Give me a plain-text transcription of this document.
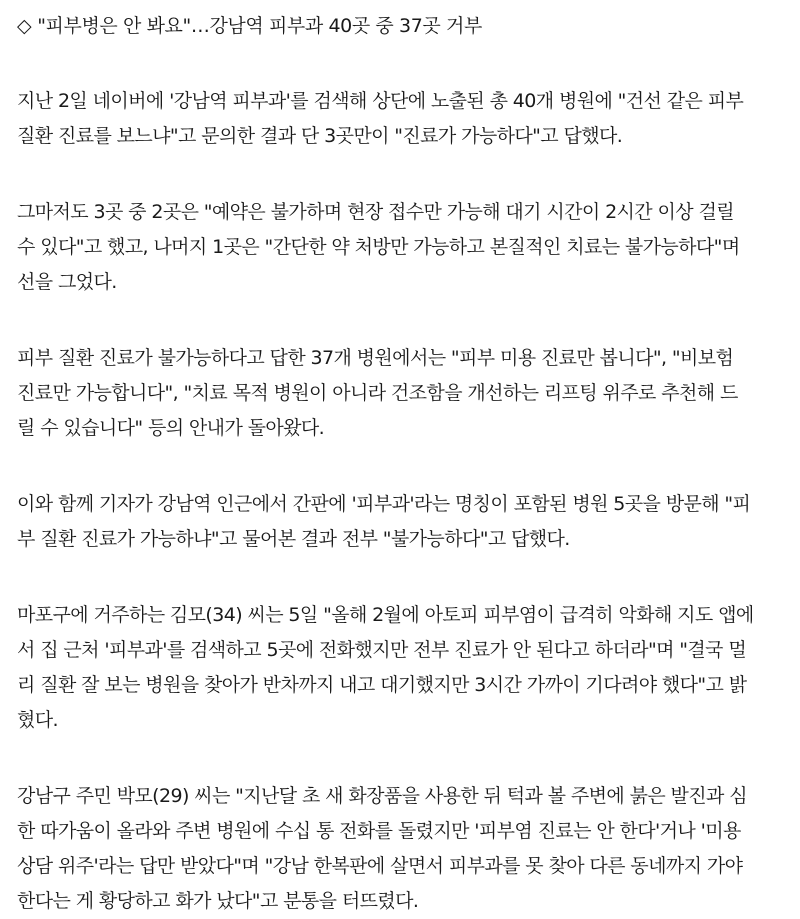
◇ "피부병은 안 봐요"…강남역 피부과 40곳 중 37곳 거부

지난 2일 네이버에 '강남역 피부과'를 검색해 상단에 노출된 총 40개 병원에 "건선 같은 피부
질환 진료를 보느냐"고 문의한 결과 단 3곳만이 "진료가 가능하다"고 답했다.

그마저도 3곳 중 2곳은 "예약은 불가하며 현장 접수만 가능해 대기 시간이 2시간 이상 걸릴
수 있다"고 했고, 나머지 1곳은 "간단한 약 처방만 가능하고 본질적인 치료는 불가능하다"며
선을 그었다.

피부 질환 진료가 불가능하다고 답한 37개 병원에서는 "피부 미용 진료만 봅니다", "비보험
진료만 가능합니다", "치료 목적 병원이 아니라 건조함을 개선하는 리프팅 위주로 추천해 드
릴 수 있습니다" 등의 안내가 돌아왔다.

이와 함께 기자가 강남역 인근에서 간판에 '피부과'라는 명칭이 포함된 병원 5곳을 방문해 "피
부 질환 진료가 가능하냐"고 물어본 결과 전부 "불가능하다"고 답했다.

마포구에 거주하는 김모(34) 씨는 5일 "올해 2월에 아토피 피부염이 급격히 악화해 지도 앱에
서 집 근처 '피부과'를 검색하고 5곳에 전화했지만 전부 진료가 안 된다고 하더라"며 "결국 멀
리 질환 잘 보는 병원을 찾아가 반차까지 내고 대기했지만 3시간 가까이 기다려야 했다"고 밝
혔다.

강남구 주민 박모(29) 씨는 "지난달 초 새 화장품을 사용한 뒤 턱과 볼 주변에 붉은 발진과 심
한 따가움이 올라와 주변 병원에 수십 통 전화를 돌렸지만 '피부염 진료는 안 한다'거나 '미용
상담 위주'라는 답만 받았다"며 "강남 한복판에 살면서 피부과를 못 찾아 다른 동네까지 가야
한다는 게 황당하고 화가 났다"고 분통을 터뜨렸다.
